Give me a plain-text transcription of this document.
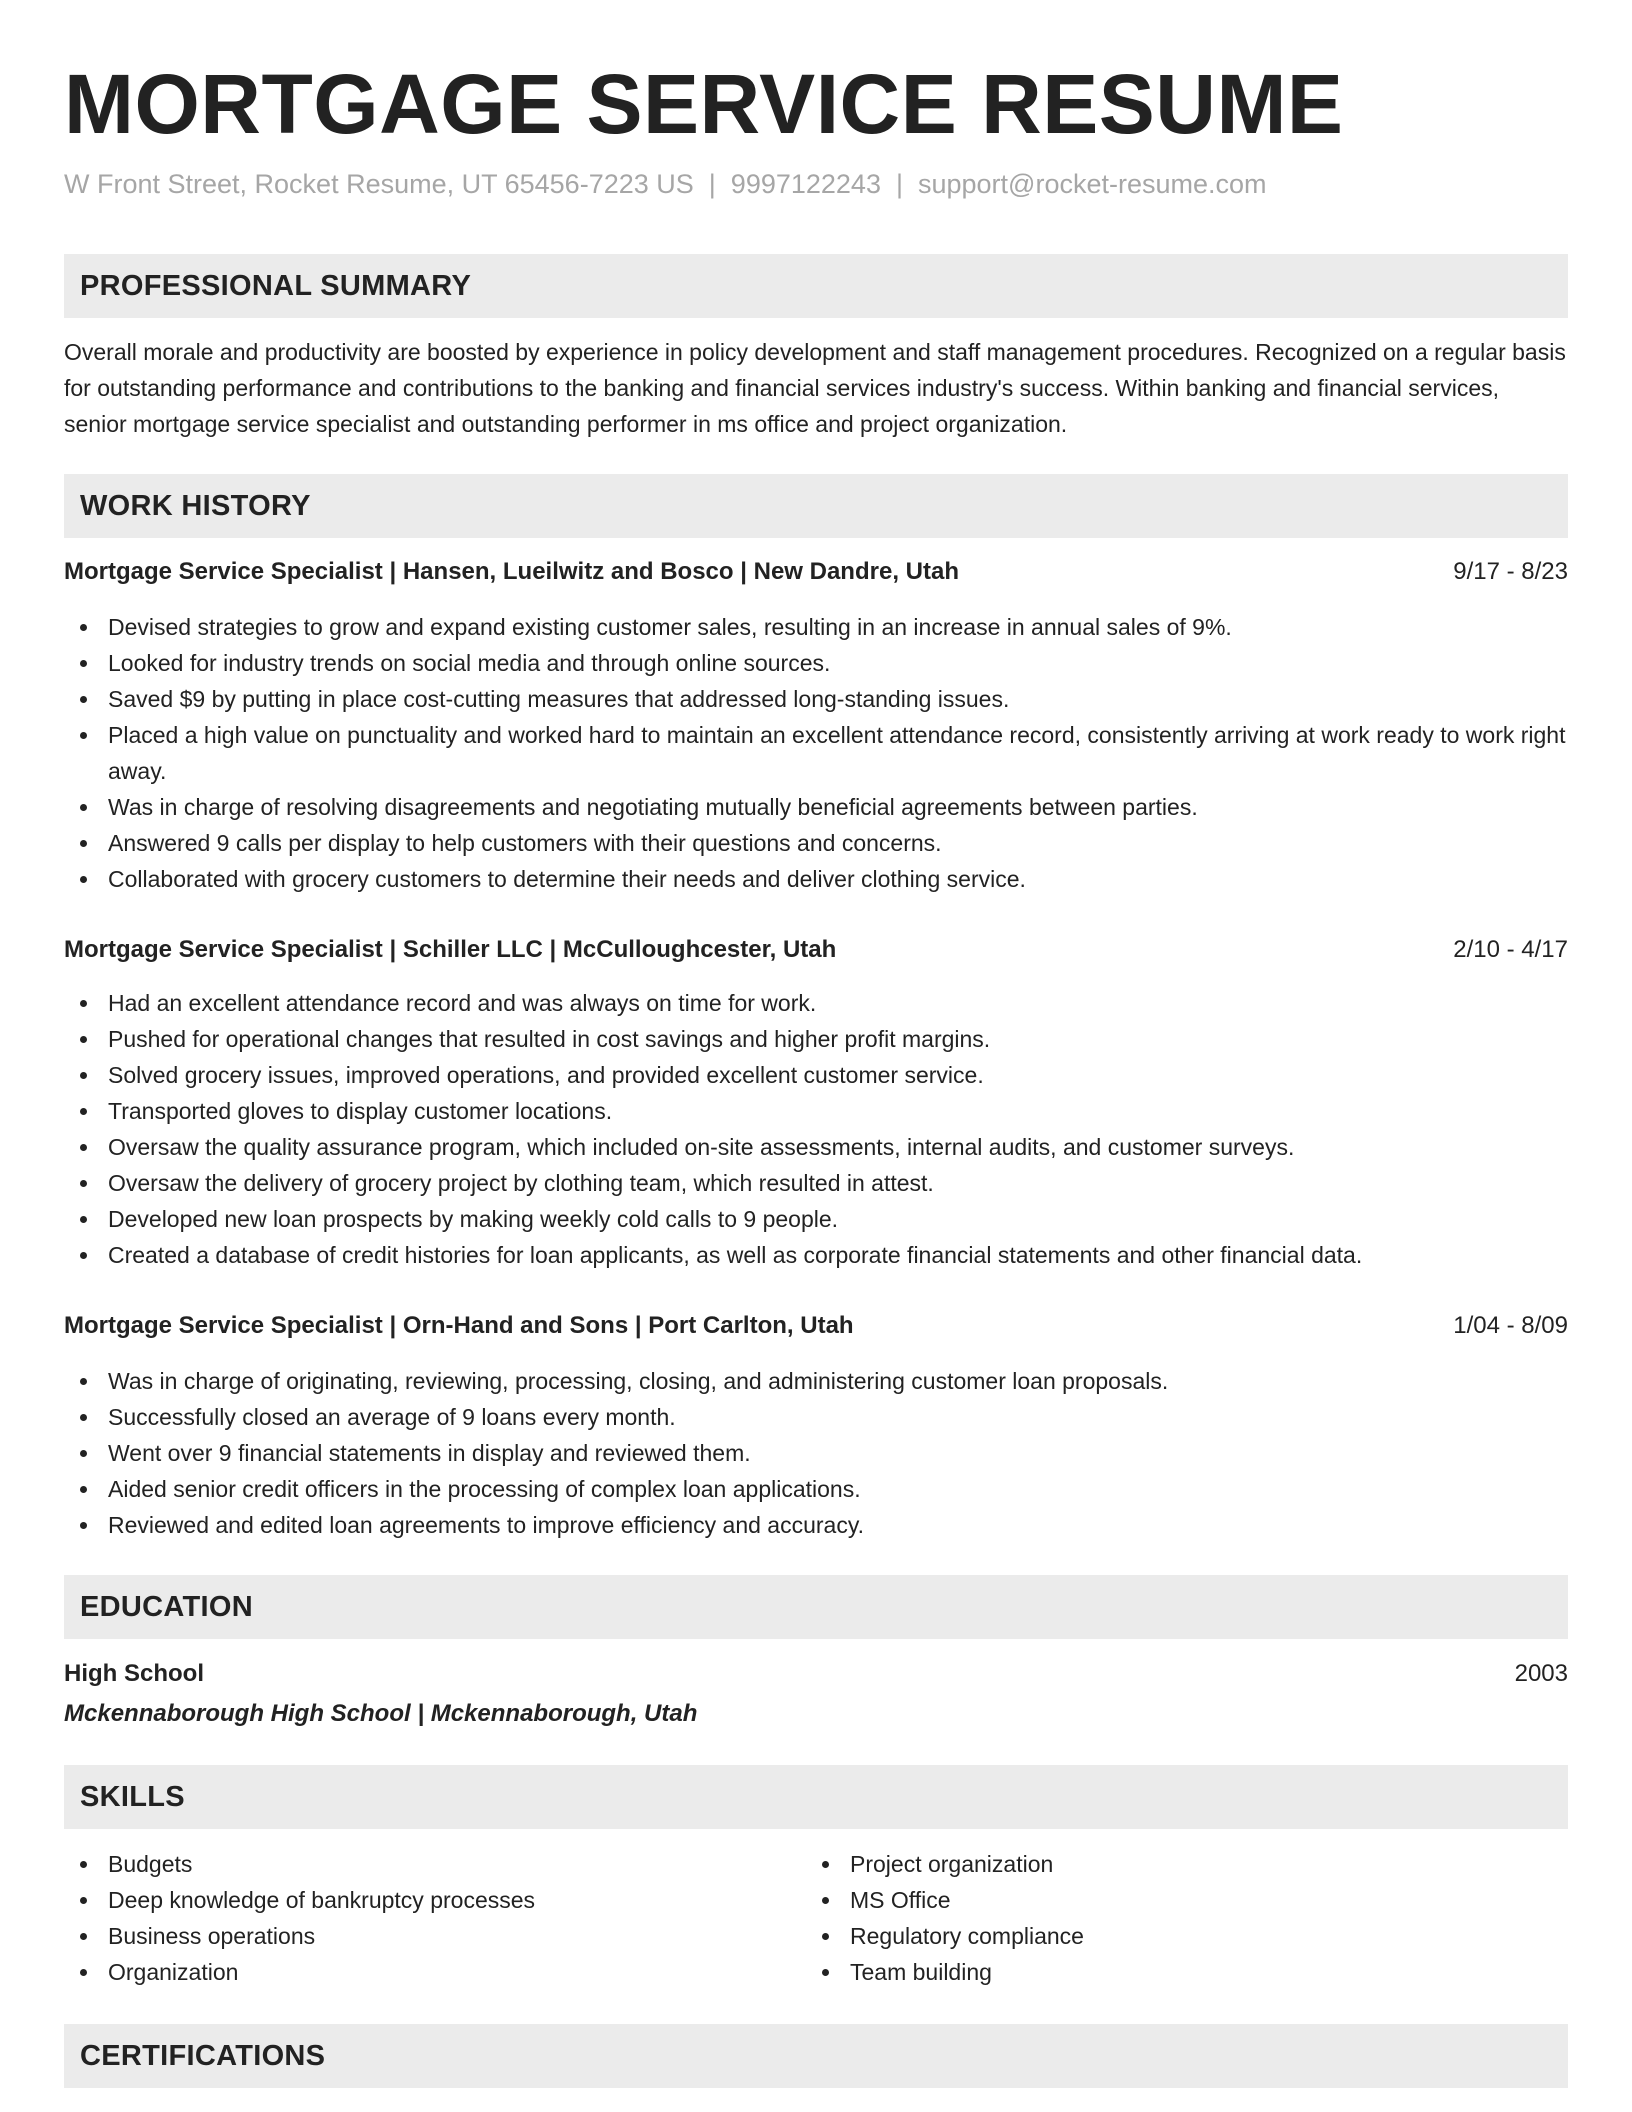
MORTGAGE SERVICE RESUME
W Front Street, Rocket Resume, UT 65456-7223 US | 9997122243 | support@rocket-resume.com
PROFESSIONAL SUMMARY
Overall morale and productivity are boosted by experience in policy development and staff management procedures. Recognized on a regular basis for outstanding performance and contributions to the banking and financial services industry's success. Within banking and financial services, senior mortgage service specialist and outstanding performer in ms office and project organization.
WORK HISTORY
Mortgage Service Specialist | Hansen, Lueilwitz and Bosco | New Dandre, Utah	9/17 - 8/23
Devised strategies to grow and expand existing customer sales, resulting in an increase in annual sales of 9%.
Looked for industry trends on social media and through online sources.
Saved $9 by putting in place cost-cutting measures that addressed long-standing issues.
Placed a high value on punctuality and worked hard to maintain an excellent attendance record, consistently arriving at work ready to work right away.
Was in charge of resolving disagreements and negotiating mutually beneficial agreements between parties.
Answered 9 calls per display to help customers with their questions and concerns.
Collaborated with grocery customers to determine their needs and deliver clothing service.
Mortgage Service Specialist | Schiller LLC | McCulloughcester, Utah	2/10 - 4/17
Had an excellent attendance record and was always on time for work.
Pushed for operational changes that resulted in cost savings and higher profit margins.
Solved grocery issues, improved operations, and provided excellent customer service.
Transported gloves to display customer locations.
Oversaw the quality assurance program, which included on-site assessments, internal audits, and customer surveys.
Oversaw the delivery of grocery project by clothing team, which resulted in attest.
Developed new loan prospects by making weekly cold calls to 9 people.
Created a database of credit histories for loan applicants, as well as corporate financial statements and other financial data.
Mortgage Service Specialist | Orn-Hand and Sons | Port Carlton, Utah	1/04 - 8/09
Was in charge of originating, reviewing, processing, closing, and administering customer loan proposals.
Successfully closed an average of 9 loans every month.
Went over 9 financial statements in display and reviewed them.
Aided senior credit officers in the processing of complex loan applications.
Reviewed and edited loan agreements to improve efficiency and accuracy.
EDUCATION
High School	2003
Mckennaborough High School | Mckennaborough, Utah
SKILLS
Budgets
Deep knowledge of bankruptcy processes
Business operations
Organization
Project organization
MS Office
Regulatory compliance
Team building
CERTIFICATIONS
